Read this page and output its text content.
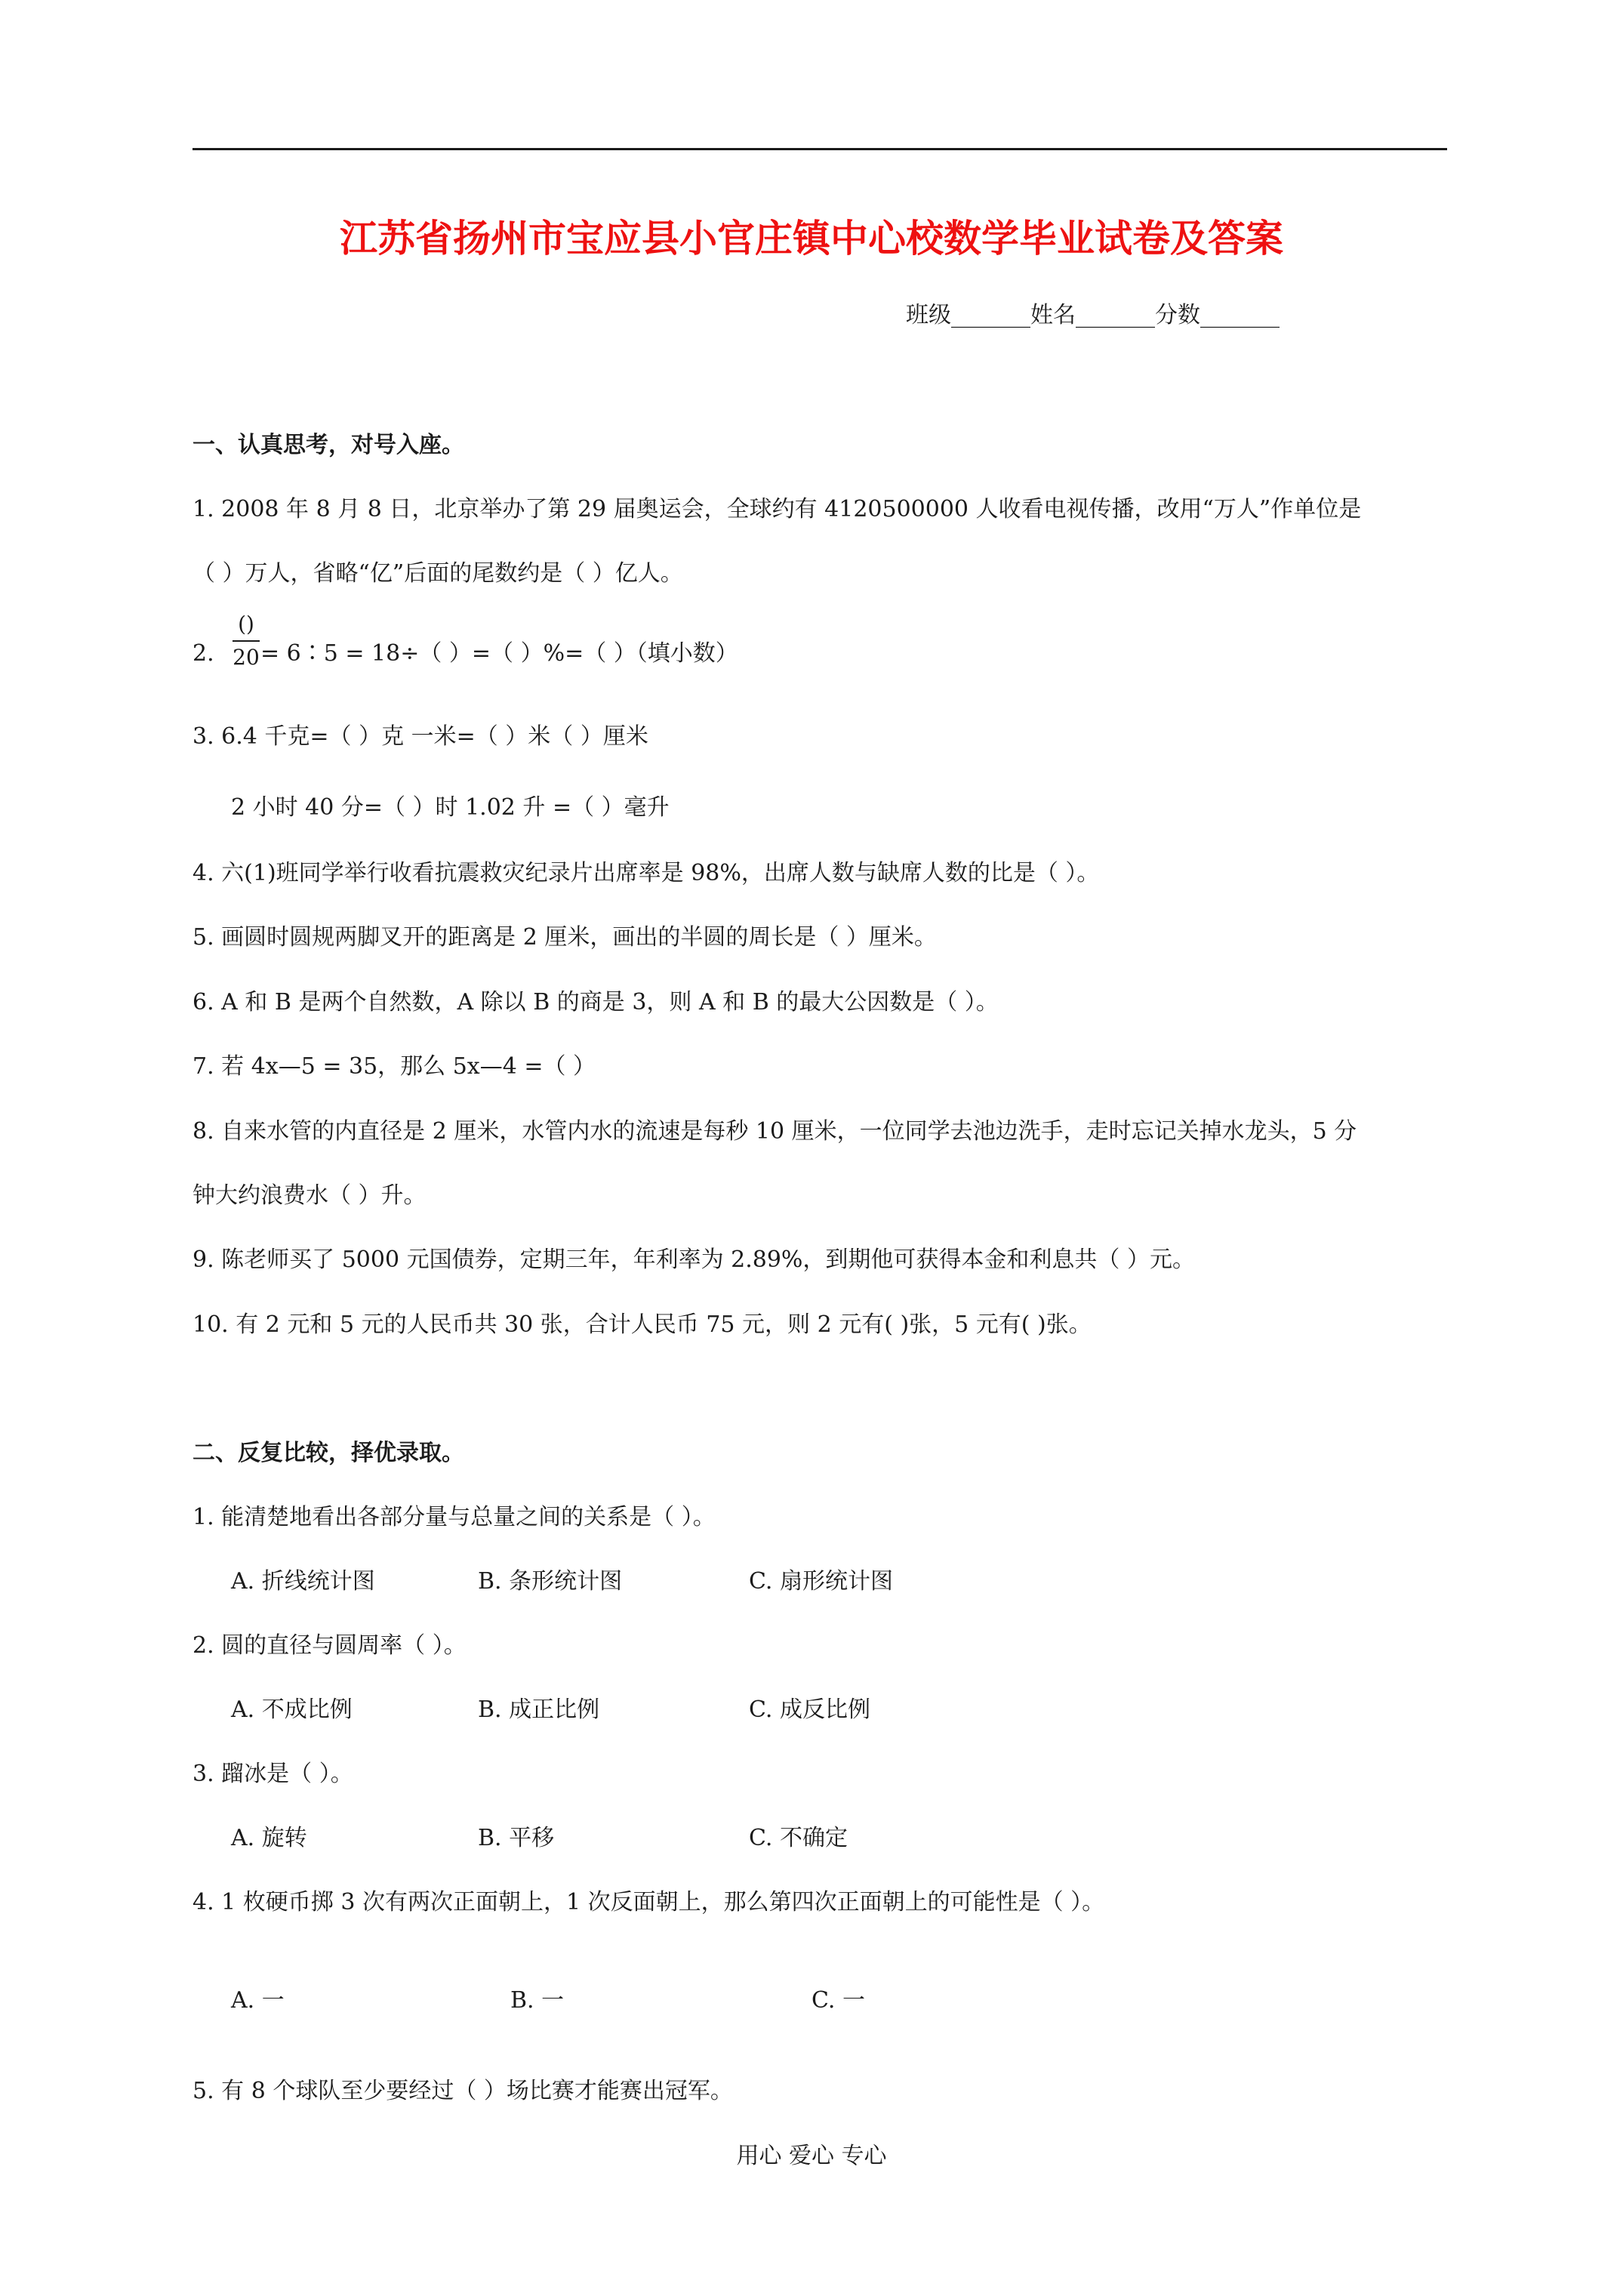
江苏省扬州市宝应县小官庄镇中心校数学毕业试卷及答案
班级_______姓名_______分数_______
一、认真思考，对号入座。
1. 2008 年 8 月 8 日，北京举办了第 29 届奥运会，全球约有 4120500000 人收看电视传播，改用“万人”作单位是
（ ）万人，省略“亿”后面的尾数约是（ ）亿人。
2.
()
20 = 6∶5 = 18÷（ ）=（ ）%=（ ）（填小数）
3. 6.4 千克=（ ）克 一米=（ ）米（ ）厘米
2 小时 40 分=（ ）时 1.02 升 =（ ）毫升
4. 六(1)班同学举行收看抗震救灾纪录片出席率是 98%，出席人数与缺席人数的比是（ ）。
5. 画圆时圆规两脚叉开的距离是 2 厘米，画出的半圆的周长是（ ）厘米。
6. A 和 B 是两个自然数，A 除以 B 的商是 3，则 A 和 B 的最大公因数是（ ）。
7. 若 4x—5 = 35，那么 5x—4 =（ ）
8. 自来水管的内直径是 2 厘米，水管内水的流速是每秒 10 厘米，一位同学去池边洗手，走时忘记关掉水龙头，5 分
钟大约浪费水（ ）升。
9. 陈老师买了 5000 元国债券，定期三年，年利率为 2.89%，到期他可获得本金和利息共（ ）元。
10. 有 2 元和 5 元的人民币共 30 张，合计人民币 75 元，则 2 元有( )张，5 元有( )张。
二、反复比较，择优录取。
1. 能清楚地看出各部分量与总量之间的关系是（ ）。
A. 折线统计图	B. 条形统计图	C. 扇形统计图
2. 圆的直径与圆周率（ ）。
A. 不成比例	B. 成正比例	C. 成反比例
3. 蹓冰是（ ）。
A. 旋转	B. 平移	C. 不确定
4. 1 枚硬币掷 3 次有两次正面朝上，1 次反面朝上，那么第四次正面朝上的可能性是（ ）。
A. 一	B. 一	C. 一
5. 有 8 个球队至少要经过（ ）场比赛才能赛出冠军。
用心 爱心 专心
